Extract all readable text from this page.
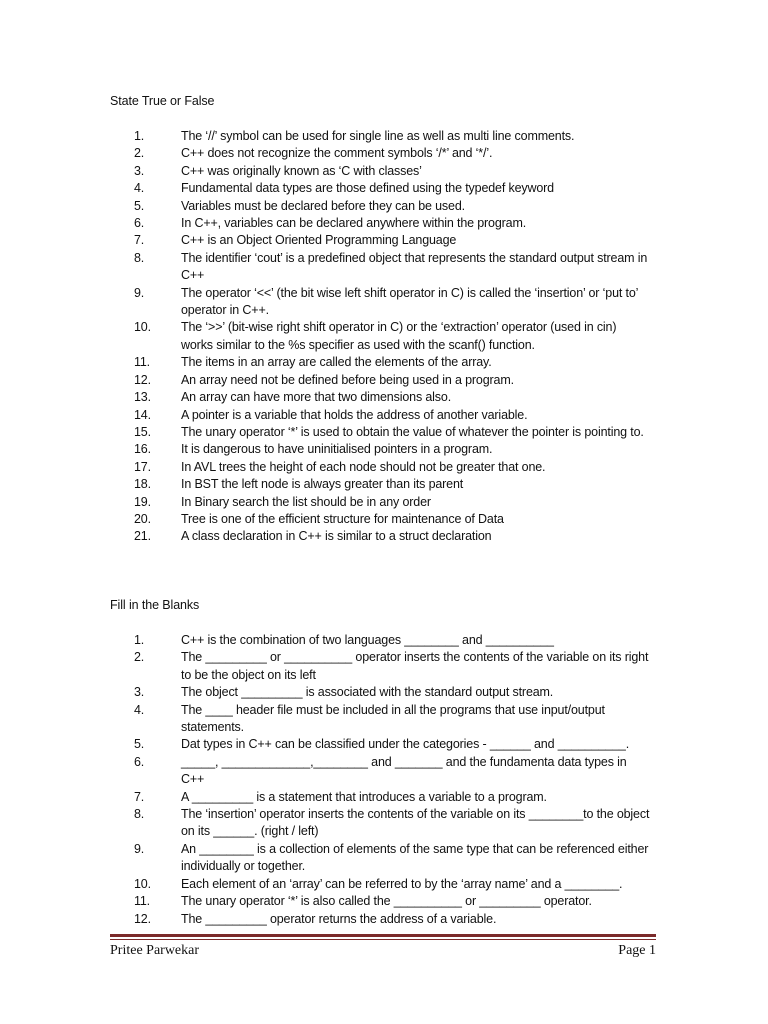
State True or False
1.	The ‘//’ symbol can be used for single line as well as multi line comments.
2.	C++ does not recognize the comment symbols ‘/*’ and ‘*/’.
3.	C++ was originally known as ‘C with classes’
4.	Fundamental data types are those defined using the typedef keyword
5.	Variables must be declared before they can be used.
6.	In C++, variables can be declared anywhere within the program.
7.	C++ is an Object Oriented Programming Language
8.	The identifier ‘cout’ is a predefined object that represents the standard output stream in C++
9.	The operator ‘<<’ (the bit wise left shift operator in C) is called the ‘insertion’ or ‘put to’ operator in C++.
10.	The ‘>>’ (bit-wise right shift operator in C) or the ‘extraction’ operator (used in cin) works similar to the %s specifier as used with the scanf() function.
11.	The items in an array are called the elements of the array.
12.	An array need not be defined before being used in a program.
13.	An array can have more that two dimensions also.
14.	A pointer is a variable that holds the address of another variable.
15.	The unary operator ‘*’ is used to obtain the value of whatever the pointer is pointing to.
16.	It is dangerous to have uninitialised pointers in a program.
17.	In AVL trees the height of each node should not be greater that one.
18.	In BST the left node is always greater than its parent
19.	In Binary search the list should be in any order
20.	Tree is one of the efficient structure for maintenance of Data
21.	A class declaration in C++ is similar to a struct declaration
Fill in the Blanks
1.	C++ is the combination of two languages ________ and __________
2.	The _________ or __________ operator inserts the contents of the variable on its right to be the object on its left
3.	The object _________ is associated with the standard output stream.
4.	The ____ header file must be included in all the programs that use input/output statements.
5.	Dat types in C++ can be classified under the categories - ______ and __________.
6.	_____, _____________,________ and _______ and the fundamenta data types in C++
7.	A _________ is a statement that introduces a variable to a program.
8.	The ‘insertion’ operator inserts the contents of the variable on its ________to the object on its ______. (right / left)
9.	An ________ is a collection of elements of the same type that can be referenced either individually or together.
10.	Each element of an ‘array’ can be referred to by the ‘array name’ and a ________.
11.	The unary operator ‘*’ is also called the __________ or _________ operator.
12.	The _________ operator returns the address of a variable.
Pritee Parwekar	Page 1
